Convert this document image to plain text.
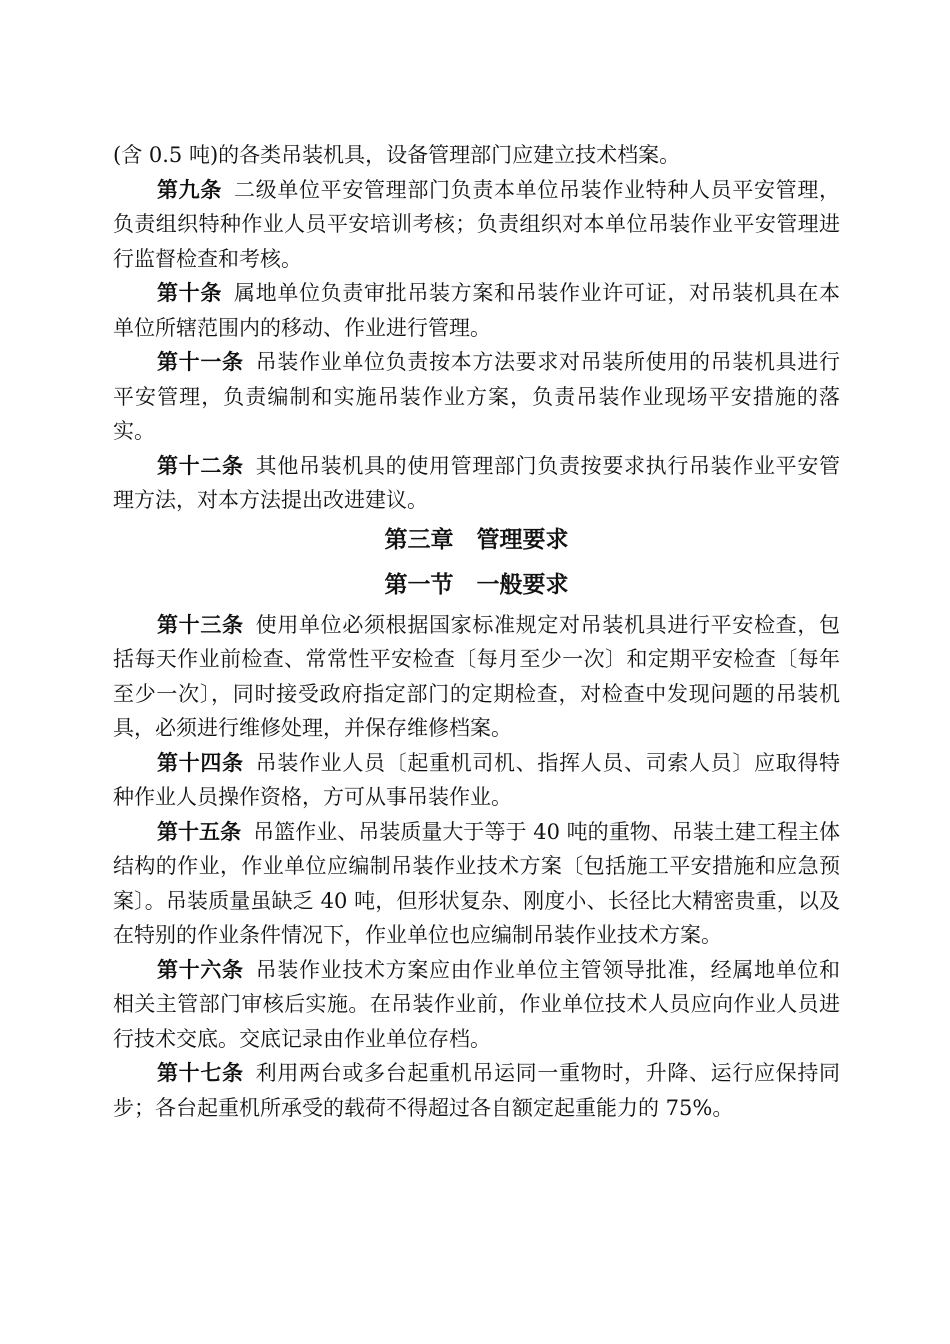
(含 0.5 吨)的各类吊装机具，设备管理部门应建立技术档案。

第九条 二级单位平安管理部门负责本单位吊装作业特种人员平安管理，负责组织特种作业人员平安培训考核；负责组织对本单位吊装作业平安管理进行监督检查和考核。

第十条 属地单位负责审批吊装方案和吊装作业许可证，对吊装机具在本单位所辖范围内的移动、作业进行管理。

第十一条 吊装作业单位负责按本方法要求对吊装所使用的吊装机具进行平安管理，负责编制和实施吊装作业方案，负责吊装作业现场平安措施的落实。

第十二条 其他吊装机具的使用管理部门负责按要求执行吊装作业平安管理方法，对本方法提出改进建议。

第三章　管理要求
第一节　一般要求

第十三条 使用单位必须根据国家标准规定对吊装机具进行平安检查，包括每天作业前检查、常常性平安检查〔每月至少一次〕和定期平安检查〔每年至少一次〕，同时接受政府指定部门的定期检查，对检查中发现问题的吊装机具，必须进行维修处理，并保存维修档案。

第十四条 吊装作业人员〔起重机司机、指挥人员、司索人员〕应取得特种作业人员操作资格，方可从事吊装作业。

第十五条 吊篮作业、吊装质量大于等于 40 吨的重物、吊装土建工程主体结构的作业，作业单位应编制吊装作业技术方案〔包括施工平安措施和应急预案〕。吊装质量虽缺乏 40 吨，但形状复杂、刚度小、长径比大精密贵重，以及在特别的作业条件情况下，作业单位也应编制吊装作业技术方案。

第十六条 吊装作业技术方案应由作业单位主管领导批准，经属地单位和相关主管部门审核后实施。在吊装作业前，作业单位技术人员应向作业人员进行技术交底。交底记录由作业单位存档。

第十七条 利用两台或多台起重机吊运同一重物时，升降、运行应保持同步；各台起重机所承受的载荷不得超过各自额定起重能力的 75%。
